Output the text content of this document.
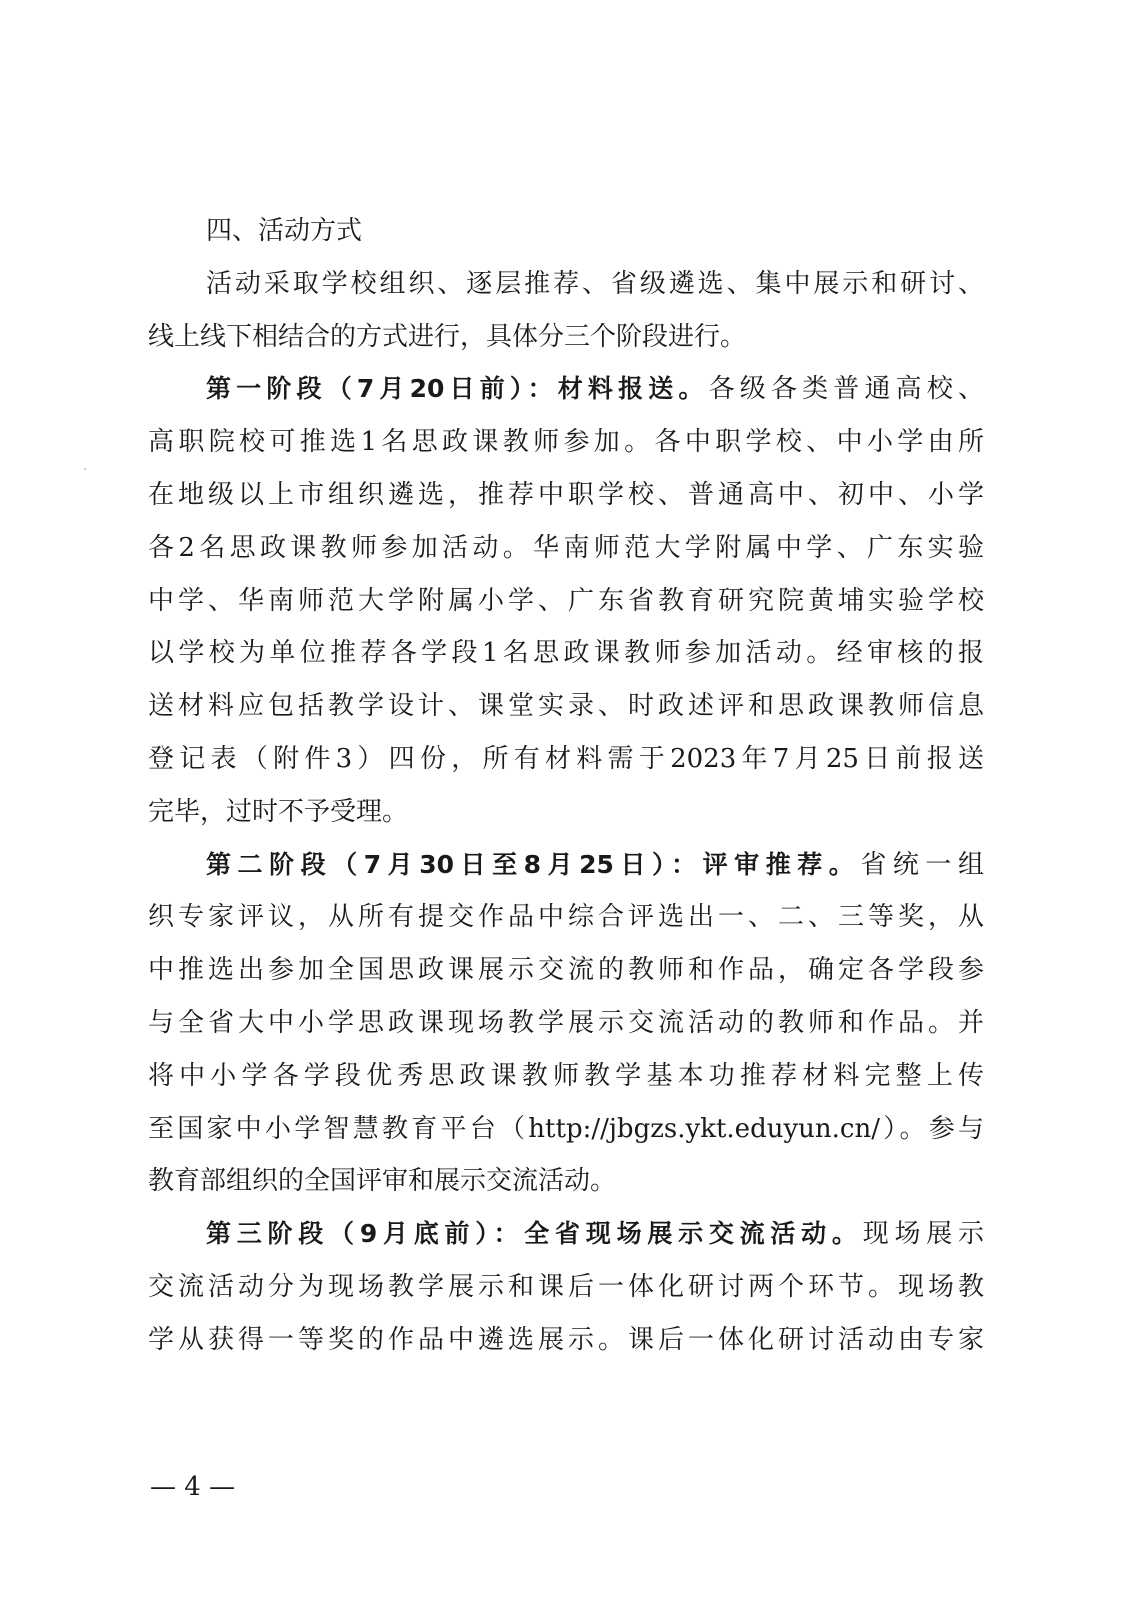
四、活动方式
活动采取学校组织、逐层推荐、省级遴选、集中展示和研讨、
线上线下相结合的方式进行，具体分三个阶段进行。
第一阶段（7月20日前）：材料报送。各级各类普通高校、
高职院校可推选1名思政课教师参加。各中职学校、中小学由所
在地级以上市组织遴选，推荐中职学校、普通高中、初中、小学
各2名思政课教师参加活动。华南师范大学附属中学、广东实验
中学、华南师范大学附属小学、广东省教育研究院黄埔实验学校
以学校为单位推荐各学段1名思政课教师参加活动。经审核的报
送材料应包括教学设计、课堂实录、时政述评和思政课教师信息
登记表（附件3）四份，所有材料需于2023年7月25日前报送
完毕，过时不予受理。
第二阶段（7月30日至8月25日）：评审推荐。省统一组
织专家评议，从所有提交作品中综合评选出一、二、三等奖，从
中推选出参加全国思政课展示交流的教师和作品，确定各学段参
与全省大中小学思政课现场教学展示交流活动的教师和作品。并
将中小学各学段优秀思政课教师教学基本功推荐材料完整上传
至国家中小学智慧教育平台（http://jbgzs.ykt.eduyun.cn/）。参与
教育部组织的全国评审和展示交流活动。
第三阶段（9月底前）：全省现场展示交流活动。现场展示
交流活动分为现场教学展示和课后一体化研讨两个环节。现场教
学从获得一等奖的作品中遴选展示。课后一体化研讨活动由专家
— 4 —
